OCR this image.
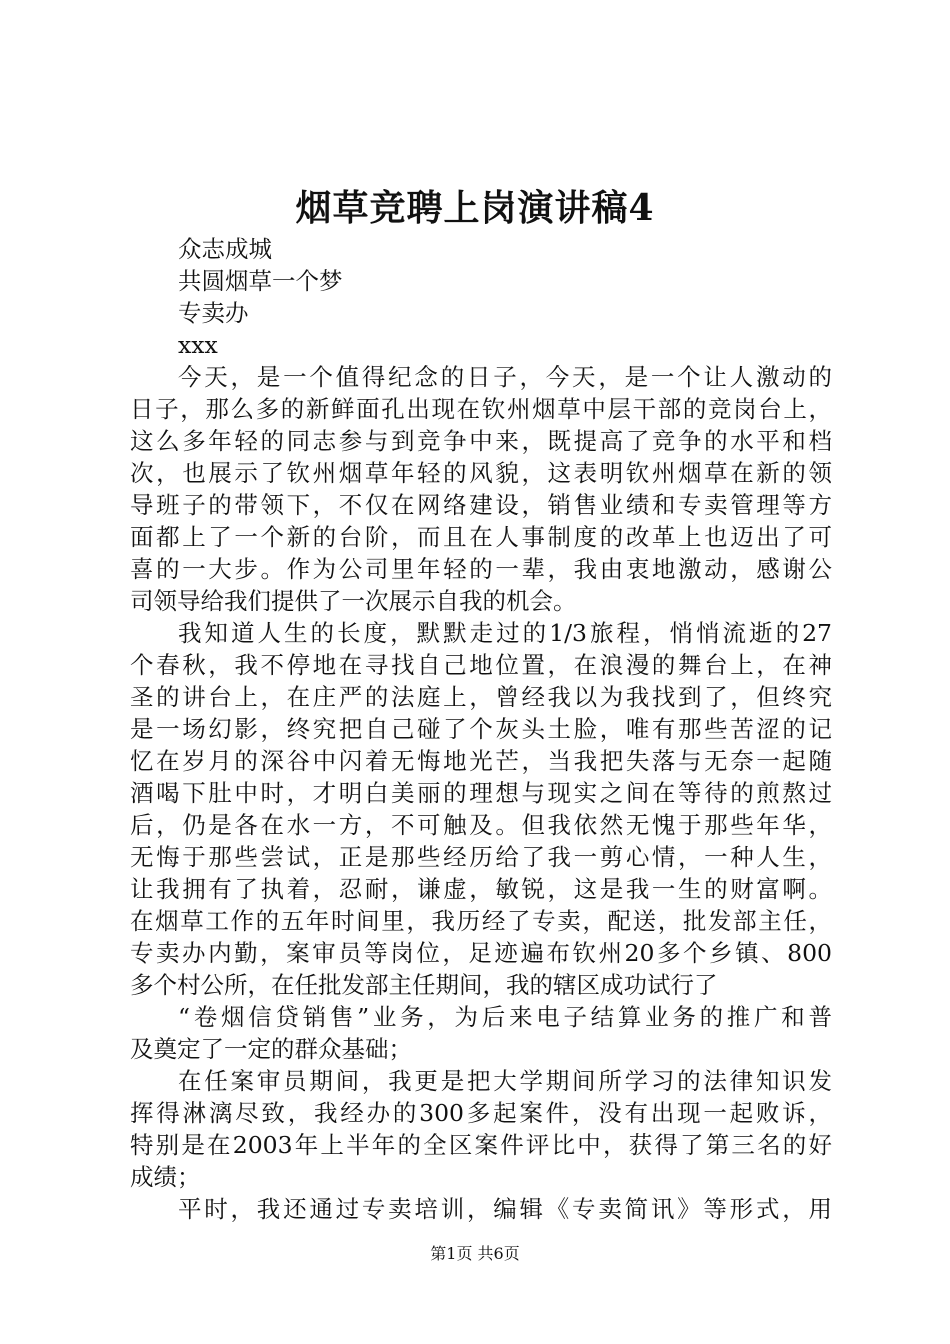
烟草竞聘上岗演讲稿4
众志成城
共圆烟草一个梦
专卖办
xxx
今天，是一个值得纪念的日子，今天，是一个让人激动的
日子，那么多的新鲜面孔出现在钦州烟草中层干部的竞岗台上，
这么多年轻的同志参与到竞争中来，既提高了竞争的水平和档
次，也展示了钦州烟草年轻的风貌，这表明钦州烟草在新的领
导班子的带领下，不仅在网络建设，销售业绩和专卖管理等方
面都上了一个新的台阶，而且在人事制度的改革上也迈出了可
喜的一大步。作为公司里年轻的一辈，我由衷地激动，感谢公
司领导给我们提供了一次展示自我的机会。
我知道人生的长度，默默走过的1/3旅程，悄悄流逝的27
个春秋，我不停地在寻找自己地位置，在浪漫的舞台上，在神
圣的讲台上，在庄严的法庭上，曾经我以为我找到了，但终究
是一场幻影，终究把自己碰了个灰头土脸，唯有那些苦涩的记
忆在岁月的深谷中闪着无悔地光芒，当我把失落与无奈一起随
酒喝下肚中时，才明白美丽的理想与现实之间在等待的煎熬过
后，仍是各在水一方，不可触及。但我依然无愧于那些年华，
无悔于那些尝试，正是那些经历给了我一剪心情，一种人生，
让我拥有了执着，忍耐，谦虚，敏锐，这是我一生的财富啊。
在烟草工作的五年时间里，我历经了专卖，配送，批发部主任，
专卖办内勤，案审员等岗位，足迹遍布钦州20多个乡镇、800
多个村公所，在任批发部主任期间，我的辖区成功试行了
“卷烟信贷销售”业务，为后来电子结算业务的推广和普
及奠定了一定的群众基础；
在任案审员期间，我更是把大学期间所学习的法律知识发
挥得淋漓尽致，我经办的300多起案件，没有出现一起败诉，
特别是在2003年上半年的全区案件评比中，获得了第三名的好
成绩；
平时，我还通过专卖培训，编辑《专卖简讯》等形式，用
第1页 共6页
